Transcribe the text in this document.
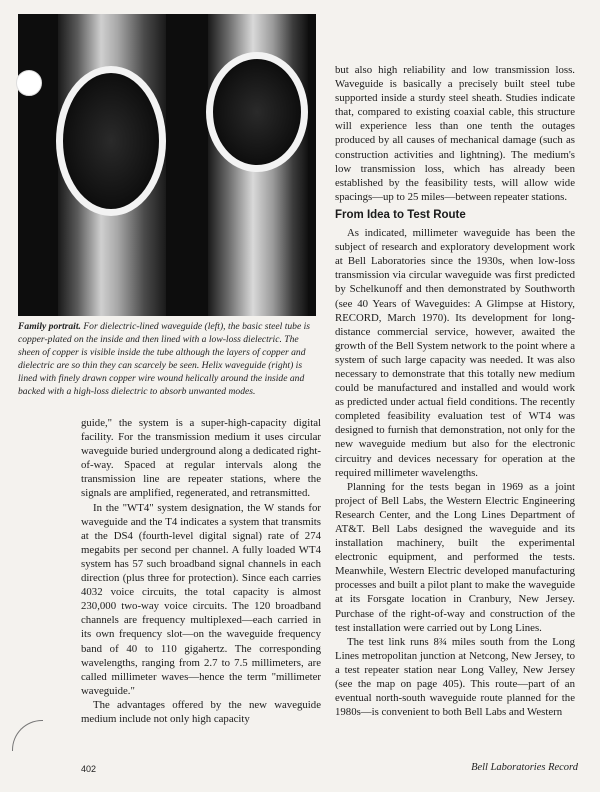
Family portrait. For dielectric-lined waveguide (left), the basic steel tube is copper-plated on the inside and then lined with a low-loss dielectric. The sheen of copper is visible inside the tube although the layers of copper and dielectric are so thin they can scarcely be seen. Helix waveguide (right) is lined with finely drawn copper wire wound helically around the inside and backed with a high-loss dielectric to absorb unwanted modes.

guide," the system is a super-high-capacity digital facility. For the transmission medium it uses circular waveguide buried underground along a dedicated right-of-way. Spaced at regular intervals along the transmission line are repeater stations, where the signals are amplified, regenerated, and retransmitted.

In the "WT4" system designation, the W stands for waveguide and the T4 indicates a system that transmits at the DS4 (fourth-level digital signal) rate of 274 megabits per second per channel. A fully loaded WT4 system has 57 such broadband signal channels in each direction (plus three for protection). Since each carries 4032 voice circuits, the total capacity is almost 230,000 two-way voice circuits. The 120 broadband channels are frequency multiplexed—each carried in its own frequency slot—on the waveguide frequency band of 40 to 110 gigahertz. The corresponding wavelengths, ranging from 2.7 to 7.5 millimeters, are called millimeter waves—hence the term "millimeter waveguide."

The advantages offered by the new waveguide medium include not only high capacity

but also high reliability and low transmission loss. Waveguide is basically a precisely built steel tube supported inside a sturdy steel sheath. Studies indicate that, compared to existing coaxial cable, this structure will experience less than one tenth the outages produced by all causes of mechanical damage (such as construction activities and lightning). The medium's low transmission loss, which has already been established by the feasibility tests, will allow wide spacings—up to 25 miles—between repeater stations.

From Idea to Test Route

As indicated, millimeter waveguide has been the subject of research and exploratory development work at Bell Laboratories since the 1930s, when low-loss transmission via circular waveguide was first predicted by Schelkunoff and then demonstrated by Southworth (see 40 Years of Waveguides: A Glimpse at History, RECORD, March 1970). Its development for long-distance commercial service, however, awaited the growth of the Bell System network to the point where a system of such large capacity was needed. It was also necessary to demonstrate that this totally new medium could be manufactured and installed and would work as predicted under actual field conditions. The recently completed feasibility evaluation test of WT4 was designed to furnish that demonstration, not only for the new waveguide medium but also for the electronic circuitry and devices necessary for operation at the required millimeter wavelengths.

Planning for the tests began in 1969 as a joint project of Bell Labs, the Western Electric Engineering Research Center, and the Long Lines Department of AT&T. Bell Labs designed the waveguide and its installation machinery, built the experimental electronic equipment, and performed the tests. Meanwhile, Western Electric developed manufacturing processes and built a pilot plant to make the waveguide at its Forsgate location in Cranbury, New Jersey. Purchase of the right-of-way and construction of the test installation were carried out by Long Lines.

The test link runs 8¾ miles south from the Long Lines metropolitan junction at Netcong, New Jersey, to a test repeater station near Long Valley, New Jersey (see the map on page 405). This route—part of an eventual north-south waveguide route planned for the 1980s—is convenient to both Bell Labs and Western

402	Bell Laboratories Record
